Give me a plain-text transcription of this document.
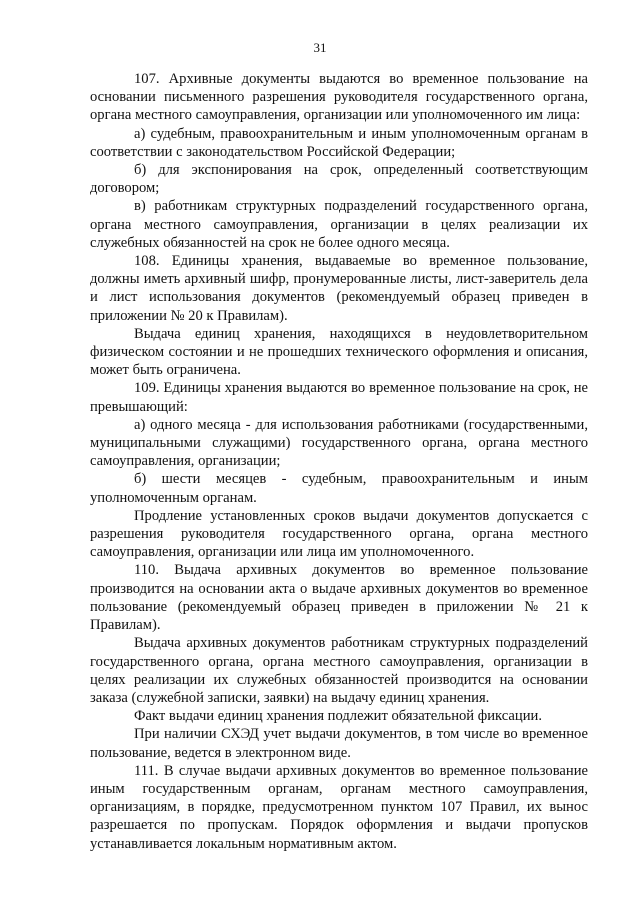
31

107. Архивные документы выдаются во временное пользование на основании письменного разрешения руководителя государственного органа, органа местного самоуправления, организации или уполномоченного им лица:

а) судебным, правоохранительным и иным уполномоченным органам в соответствии с законодательством Российской Федерации;

б) для экспонирования на срок, определенный соответствующим договором;

в) работникам структурных подразделений государственного органа, органа местного самоуправления, организации в целях реализации их служебных обязанностей на срок не более одного месяца.

108. Единицы хранения, выдаваемые во временное пользование, должны иметь архивный шифр, пронумерованные листы, лист-заверитель дела и лист использования документов (рекомендуемый образец приведен в приложении № 20 к Правилам).

Выдача единиц хранения, находящихся в неудовлетворительном физическом состоянии и не прошедших технического оформления и описания, может быть ограничена.

109. Единицы хранения выдаются во временное пользование на срок, не превышающий:

а) одного месяца - для использования работниками (государственными, муниципальными служащими) государственного органа, органа местного самоуправления, организации;

б) шести месяцев - судебным, правоохранительным и иным уполномоченным органам.

Продление установленных сроков выдачи документов допускается с разрешения руководителя государственного органа, органа местного самоуправления, организации или лица им уполномоченного.

110. Выдача архивных документов во временное пользование производится на основании акта о выдаче архивных документов во временное пользование (рекомендуемый образец приведен в приложении № 21 к Правилам).

Выдача архивных документов работникам структурных подразделений государственного органа, органа местного самоуправления, организации в целях реализации их служебных обязанностей производится на основании заказа (служебной записки, заявки) на выдачу единиц хранения.

Факт выдачи единиц хранения подлежит обязательной фиксации.

При наличии СХЭД учет выдачи документов, в том числе во временное пользование, ведется в электронном виде.

111. В случае выдачи архивных документов во временное пользование иным государственным органам, органам местного самоуправления, организациям, в порядке, предусмотренном пунктом 107 Правил, их вынос разрешается по пропускам. Порядок оформления и выдачи пропусков устанавливается локальным нормативным актом.
